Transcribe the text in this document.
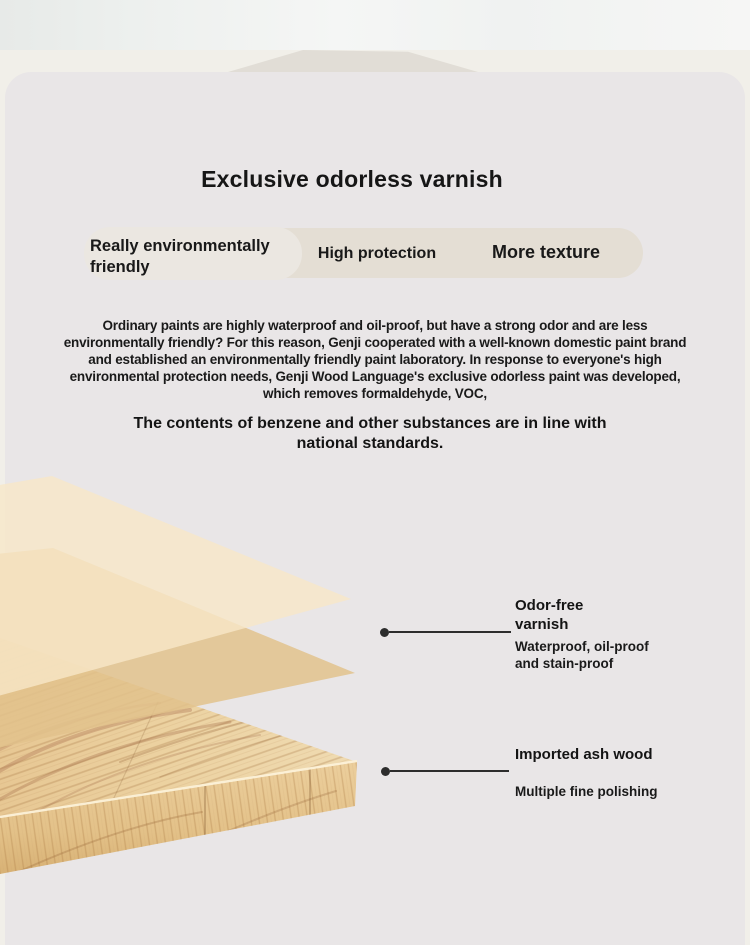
Exclusive odorless varnish
Really environmentally friendly
High protection	More texture

Ordinary paints are highly waterproof and oil-proof, but have a strong odor and are less environmentally friendly? For this reason, Genji cooperated with a well-known domestic paint brand and established an environmentally friendly paint laboratory. In response to everyone's high environmental protection needs, Genji Wood Language's exclusive odorless paint was developed, which removes formaldehyde, VOC,

The contents of benzene and other substances are in line with national standards.

Odor-free varnish
Waterproof, oil-proof and stain-proof
Imported ash wood
Multiple fine polishing
